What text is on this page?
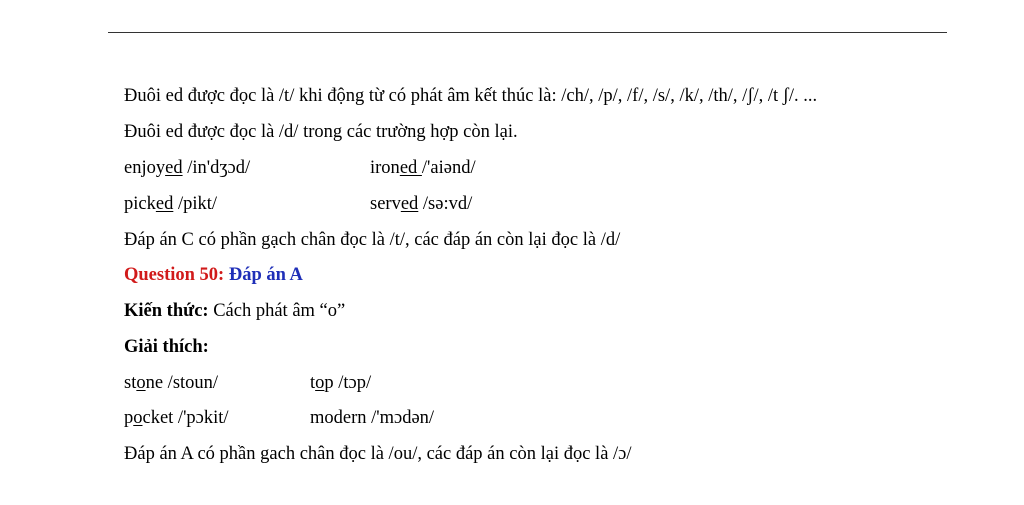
Đuôi ed được đọc là /t/ khi động từ có phát âm kết thúc là: /ch/, /p/, /f/, /s/, /k/, /th/, /ʃ/, /t ʃ/. ...
Đuôi ed được đọc là /d/ trong các trường hợp còn lại.
enjoyed /in'dʒɔd/	ironed /'aiənd/
picked /pikt/	served /sə:vd/
Đáp án C có phần gạch chân đọc là /t/, các đáp án còn lại đọc là /d/
Question 50: Đáp án A
Kiến thức: Cách phát âm “o”
Giải thích:
stone /stoun/	top /tɔp/
pocket /'pɔkit/	modern /'mɔdən/
Đáp án A có phần gach chân đọc là /ou/, các đáp án còn lại đọc là /ɔ/
